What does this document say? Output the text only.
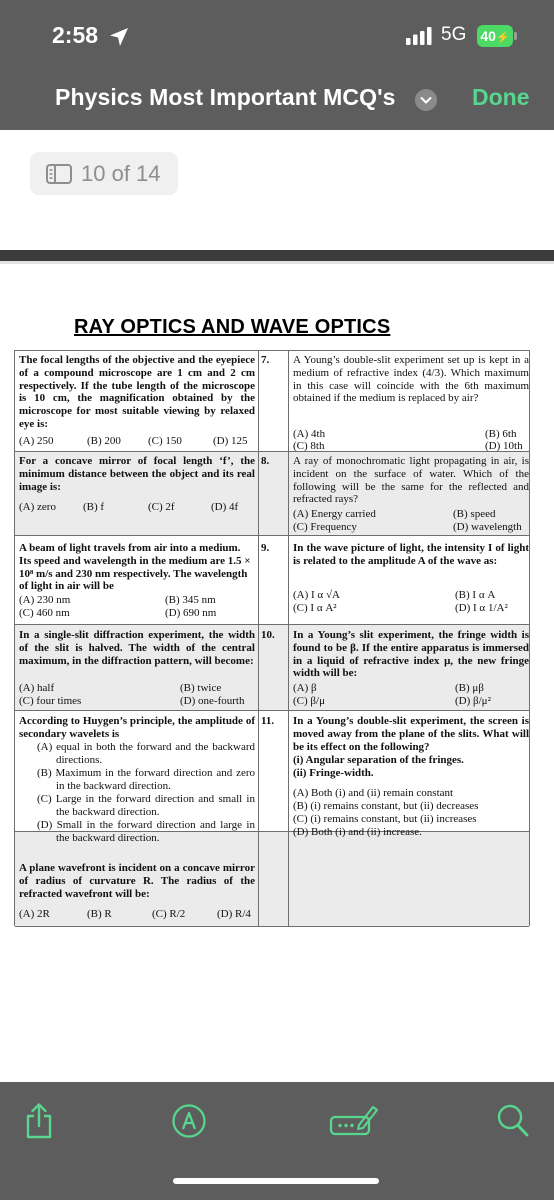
2:58	5G 40⚡
Physics Most Important MCQ's	Done
10 of 14
RAY OPTICS AND WAVE OPTICS
The focal lengths of the objective and the eyepiece of a compound microscope are 1 cm and 2 cm respectively. If the tube length of the microscope is 10 cm, the magnification obtained by the microscope for most suitable viewing by relaxed eye is:
(A) 250	(B) 200 (C) 150	(D) 125
7. A Young’s double-slit experiment set up is kept in a medium of refractive index (4/3). Which maximum in this case will coincide with the 6th maximum obtained if the medium is replaced by air?
(A) 4th	(B) 6th
(C) 8th	(D) 10th
For a concave mirror of focal length ‘f’, the minimum distance between the object and its real image is:
(A) zero (B) f	(C) 2f	(D) 4f
8. A ray of monochromatic light propagating in air, is incident on the surface of water. Which of the following will be the same for the reflected and refracted rays?
(A) Energy carried	(B) speed
(C) Frequency	(D) wavelength
A beam of light travels from air into a medium. Its speed and wavelength in the medium are 1.5 × 10⁸ m/s and 230 nm respectively. The wavelength of light in air will be
(A) 230 nm	(B) 345 nm
(C) 460 nm	(D) 690 nm
9. In the wave picture of light, the intensity I of light is related to the amplitude A of the wave as:
(A) I α √A	(B) I α A
(C) I α A²	(D) I α 1/A²
In a single-slit diffraction experiment, the width of the slit is halved. The width of the central maximum, in the diffraction pattern, will become:
(A) half	(B) twice
(C) four times	(D) one-fourth
10. In a Young’s slit experiment, the fringe width is found to be β. If the entire apparatus is immersed in a liquid of refractive index μ, the new fringe width will be:
(A) β	(B) μβ
(C) β/μ	(D) β/μ²
According to Huygen’s principle, the amplitude of secondary wavelets is
(A) equal in both the forward and the backward directions.
(B) Maximum in the forward direction and zero in the backward direction.
(C) Large in the forward direction and small in the backward direction.
(D) Small in the forward direction and large in the backward direction.
11. In a Young’s double-slit experiment, the screen is moved away from the plane of the slits. What will be its effect on the following?
(i) Angular separation of the fringes.
(ii) Fringe-width.
(A) Both (i) and (ii) remain constant
(B) (i) remains constant, but (ii) decreases
(C) (i) remains constant, but (ii) increases
(D) Both (i) and (ii) increase.
A plane wavefront is incident on a concave mirror of radius of curvature R. The radius of the refracted wavefront will be:
(A) 2R	(B) R	(C) R/2	(D) R/4
